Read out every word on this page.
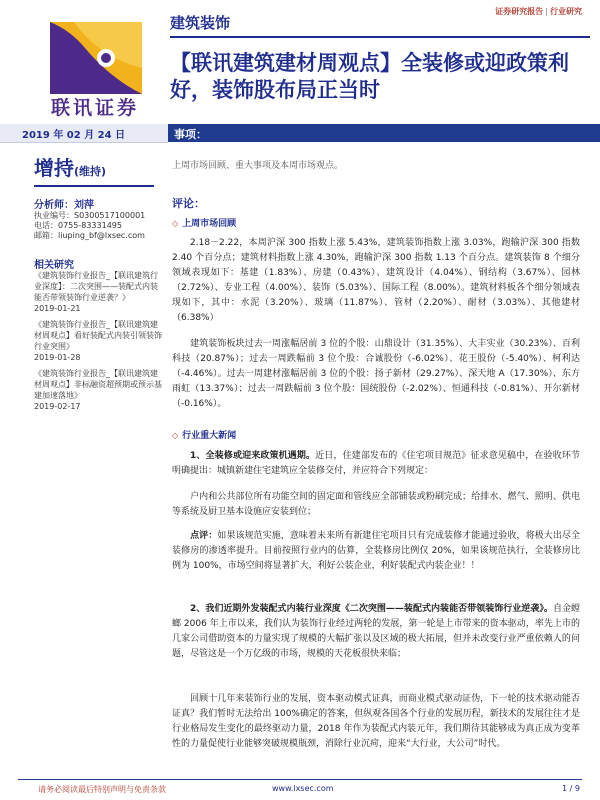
证券研究报告 | 行业研究
联讯证券
建筑装饰
【联讯建筑建材周观点】全装修或迎政策利好，装饰股布局正当时
2019 年 02 月 24 日	事项：
上周市场回顾、重大事项及本周市场观点。
增持(维持)
分析师：刘萍
执业编号：S0300517100001
电话：0755-83331495
邮箱：liuping_bf@lxsec.com
相关研究
《建筑装饰行业报告_【联讯建筑行业深度】：二次突围——装配式内装能否带领装饰行业逆袭？》
2019-01-21
《建筑装饰行业报告_【联讯建筑建材周观点】看好装配式内装引领装饰行业突围》
2019-01-28
《建筑装饰行业报告_【联讯建筑建材周观点】非标融资超预期或预示基建加速落地》
2019-02-17
评论：
◇ 上周市场回顾
2.18－2.22，本周沪深 300 指数上涨 5.43%，建筑装饰指数上涨 3.03%，跑输沪深 300 指数 2.40 个百分点；建筑材料指数上涨 4.30%，跑输沪深 300 指数 1.13 个百分点。建筑装饰 8 个细分领域表现如下：基建（1.83%）、房建（0.43%）、建筑设计（4.04%）、钢结构（3.67%）、园林（2.72%）、专业工程（4.00%）、装饰（5.03%）、国际工程（8.00%）。建筑材料板各个细分领域表现如下，其中：水泥（3.20%）、玻璃（11.87%）、管材（2.20%）、耐材（3.03%）、其他建材（6.38%）
建筑装饰板块过去一周涨幅居前 3 位的个股：山鼎设计（31.35%）、大丰实业（30.23%）、百利科技（20.87%）；过去一周跌幅前 3 位个股：合诚股份（-6.02%）、花王股份（-5.40%）、柯利达（-4.46%）。过去一周建材涨幅居前 3 位的个股：扬子新材（29.27%）、深天地 A（17.30%）、东方雨虹（13.37%）；过去一周跌幅前 3 位个股：国统股份（-2.02%）、恒通科技（-0.81%）、开尔新材（-0.16%）。
◇ 行业重大新闻
1、全装修或迎来政策机遇期。近日，住建部发布的《住宅项目规范》征求意见稿中，在验收环节明确提出：城镇新建住宅建筑应全装修交付，并应符合下列规定：
户内和公共部位所有功能空间的固定面和管线应全部铺装或粉刷完成；给排水、燃气、照明、供电等系统及厨卫基本设施应安装到位；
点评：如果该规范实施，意味着未来所有新建住宅项目只有完成装修才能通过验收，将极大出尽全装修房的渗透率提升。目前按照行业内的估算，全装修房比例仅 20%，如果该规范执行，全装修房比例为 100%，市场空间将显著扩大，利好公装企业，利好装配式内装企业！！
2、我们近期外发装配式内装行业深度《二次突围——装配式内装能否带领装饰行业逆袭》。自金螳螂 2006 年上市以来，我们认为装饰行业经过两轮的发展，第一轮是上市带来的资本驱动，率先上市的几家公司借助资本的力量实现了规模的大幅扩张以及区域的极大拓展，但并未改变行业严重依赖人的问题，尽管这是一个万亿级的市场，规模的天花板很快来临；
回顾十几年来装饰行业的发展，资本驱动模式证真，而商业模式驱动证伪，下一轮的技术驱动能否证真？我们暂时无法给出 100%确定的答案，但纵观各国各个行业的发展历程，新技术的发展往往才是行业格局发生变化的最终驱动力量，2018 年作为装配式内装元年，我们期待其能够成为真正成为变革性的力量促使行业能够突破规模瓶颈，消除行业沉疴，迎来“大行业，大公司”时代。
请务必阅读最后特别声明与免责条款	www.lxsec.com	1 / 9
